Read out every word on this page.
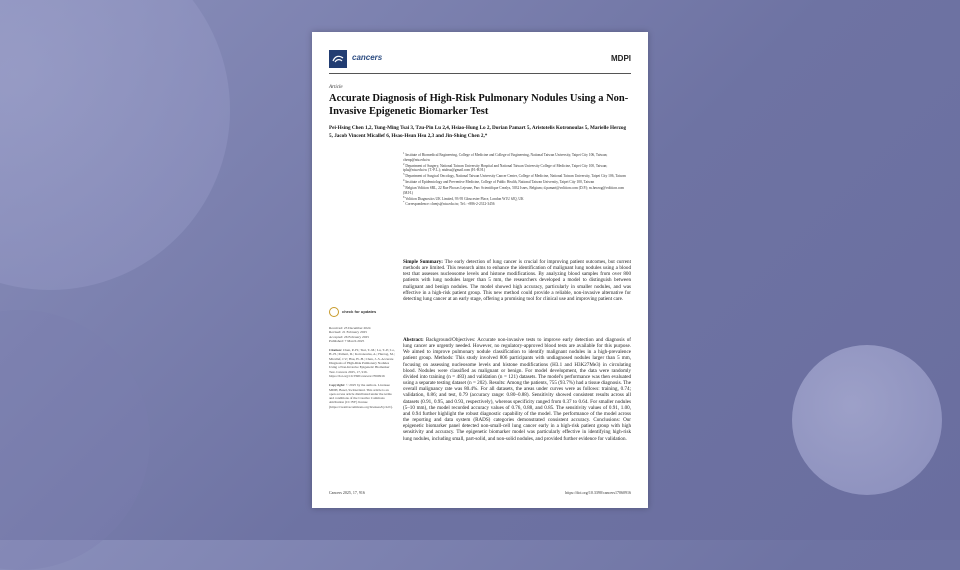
cancers	MDPI
Article
Accurate Diagnosis of High-Risk Pulmonary Nodules Using a Non-Invasive Epigenetic Biomarker Test
Pei-Hsing Chen 1,2, Tung-Ming Tsai 3, Tzu-Pin Lu 2,4, Hsiao-Hung Lo 2, Dorian Pamart 5, Aristotelis Kotronoulas 5, Marielle Herzog 5, Jacob Vincent Micallef 6, Hsao-Hsun Hsu 2,3 and Jin-Shing Chen 2,*
$^1$ Institute of Biomedical Engineering, College of Medicine and College of Engineering, National Taiwan University, Taipei City 106, Taiwan; chenp@ntu.edu.tw
$^2$ Department of Surgery, National Taiwan University Hospital and National Taiwan University College of Medicine, Taipei City 100, Taiwan; tplu@ntu.edu.tw (T.-P.L.); ntuhsu@gmail.com (H.-H.H.)
$^3$ Department of Surgical Oncology, National Taiwan University Cancer Center, College of Medicine, National Taiwan University, Taipei City 106, Taiwan
$^4$ Institute of Epidemiology and Preventive Medicine, College of Public Health, National Taiwan University, Taipei City 100, Taiwan
$^5$ Belgian Volition SRL, 22 Rue Phocas Lejeune, Parc Scientifique Crealys, 5032 Isnes, Belgium; d.pamart@volition.com (D.P.); m.herzog@volition.com (M.H.)
$^6$ Volition Diagnostics UK Limited, 93-95 Gloucester Place, London W1U 6JQ, UK
* Correspondence: chenjs@ntu.edu.tw; Tel.: +886-2-2312-3456
check for updates
Received: 23 December 2024
Revised: 21 February 2025
Accepted: 26 February 2025
Published: 7 March 2025
Citation: Chen, P.-H.; Tsai, T.-M.; Lu, T.-P.; Lo, H.-H.; Pamart, D.; Kotronoulas, A.; Herzog, M.; Micallef, J.V.; Hsu, H.-H.; Chen, J.-S. Accurate Diagnosis of High-Risk Pulmonary Nodules Using a Non-Invasive Epigenetic Biomarker Test. Cancers 2025, 17, 916. https://doi.org/10.3390/cancers17060916
Copyright: © 2025 by the authors. Licensee MDPI, Basel, Switzerland. This article is an open access article distributed under the terms and conditions of the Creative Commons Attribution (CC BY) license (https://creativecommons.org/licenses/by/4.0/).

Simple Summary: The early detection of lung cancer is crucial for improving patient outcomes, but current methods are limited. This research aims to enhance the identification of malignant lung nodules using a blood test that assesses nucleosome levels and histone modifications. By analyzing blood samples from over 800 patients with lung nodules larger than 5 mm, the researchers developed a model to distinguish between malignant and benign nodules. The model showed high accuracy, particularly in smaller nodules, and was effective in a high-risk patient group. This new method could provide a reliable, non-invasive alternative for detecting lung cancer at an early stage, offering a promising tool for clinical use and improving patient care.

Abstract: Background/Objectives: Accurate non-invasive tests to improve early detection and diagnosis of lung cancer are urgently needed. However, no regulatory-approved blood tests are available for this purpose. We aimed to improve pulmonary nodule classification to identify malignant nodules in a high-prevalence patient group. Methods: This study involved 806 participants with undiagnosed nodules larger than 5 mm, focusing on assessing nucleosome levels and histone modifications (H3.1 and H3K27Me3) in circulating blood. Nodules were classified as malignant or benign. For model development, the data were randomly divided into training (n = 483) and validation (n = 121) datasets. The model's performance was then evaluated using a separate testing dataset (n = 202). Results: Among the patients, 755 (93.7%) had a tissue diagnosis. The overall malignancy rate was 80.4%. For all datasets, the areas under curves were as follows: training, 0.74; validation, 0.86; and test, 0.79 (accuracy range: 0.80–0.88). Sensitivity showed consistent results across all datasets (0.91, 0.95, and 0.93, respectively), whereas specificity ranged from 0.37 to 0.64. For smaller nodules (5–10 mm), the model recorded accuracy values of 0.76, 0.88, and 0.85. The sensitivity values of 0.91, 1.00, and 0.94 further highlight the robust diagnostic capability of the model. The performance of the model across the reporting and data system (RADS) categories demonstrated consistent accuracy. Conclusions: Our epigenetic biomarker panel detected non-small-cell lung cancer early in a high-risk patient group with high sensitivity and accuracy. The epigenetic biomarker model was particularly effective in identifying high-risk lung nodules, including small, part-solid, and non-solid nodules, and provided further evidence for validation.

Cancers 2025, 17, 916	https://doi.org/10.3390/cancers17060916
